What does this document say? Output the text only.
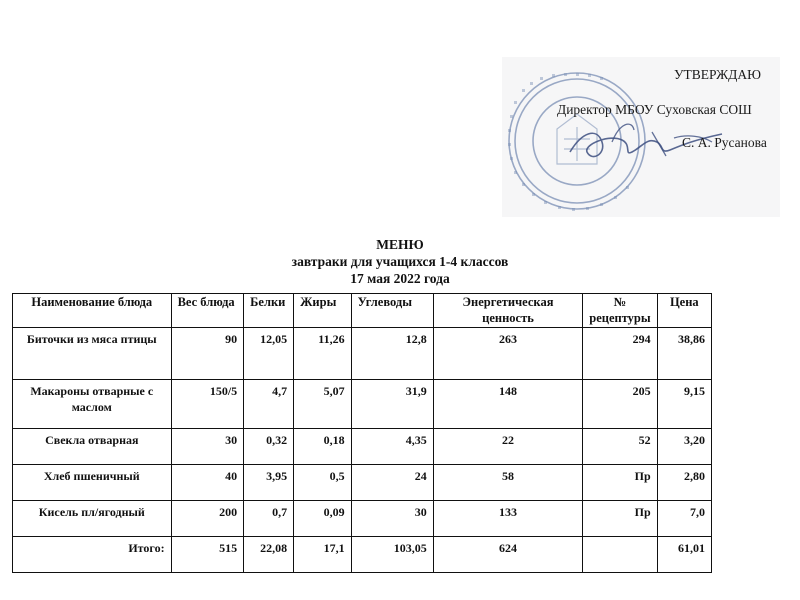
УТВЕРЖДАЮ
Директор МБОУ Суховская СОШ
С. А. Русанова
МЕНЮ
завтраки для учащихся 1-4 классов
17 мая 2022 года
Наименование блюда	Вес блюда	Белки	Жиры	Углеводы	Энергетическая ценность	№ рецептуры	Цена
Биточки из мяса птицы	90	12,05	11,26	12,8	263	294	38,86
Макароны отварные с маслом	150/5	4,7	5,07	31,9	148	205	9,15
Свекла отварная	30	0,32	0,18	4,35	22	52	3,20
Хлеб пшеничный	40	3,95	0,5	24	58	Пр	2,80
Кисель пл/ягодный	200	0,7	0,09	30	133	Пр	7,0
Итого:	515	22,08	17,1	103,05	624		61,01
